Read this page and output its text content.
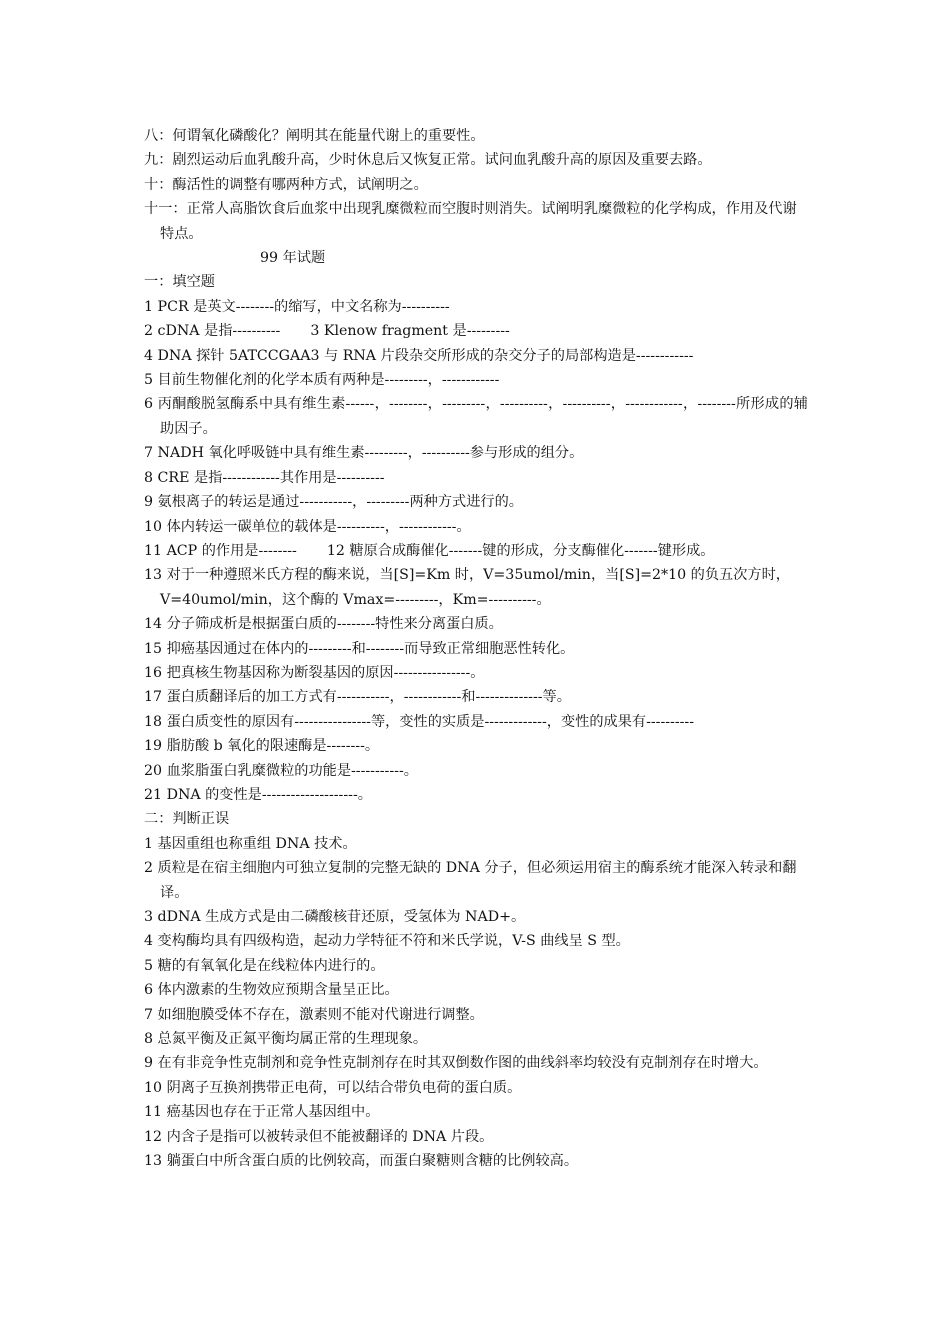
八：何谓氧化磷酸化？阐明其在能量代谢上的重要性。
九：剧烈运动后血乳酸升高，少时休息后又恢复正常。试问血乳酸升高的原因及重要去路。
十：酶活性的调整有哪两种方式，试阐明之。
十一：正常人高脂饮食后血浆中出现乳糜微粒而空腹时则消失。试阐明乳糜微粒的化学构成，作用及代谢特点。
99 年试题
一：填空题
1 PCR 是英文--------的缩写，中文名称为----------
2 cDNA 是指---------- 3 Klenow fragment 是---------
4 DNA 探针 5ATCCGAA3 与 RNA 片段杂交所形成的杂交分子的局部构造是------------
5 目前生物催化剂的化学本质有两种是---------，------------
6 丙酮酸脱氢酶系中具有维生素------，--------，---------，----------，----------，------------，--------所形成的辅助因子。
7 NADH 氧化呼吸链中具有维生素---------，----------参与形成的组分。
8 CRE 是指------------其作用是----------
9 氨根离子的转运是通过-----------，---------两种方式进行的。
10 体内转运一碳单位的载体是----------，------------。
11 ACP 的作用是-------- 12 糖原合成酶催化-------键的形成，分支酶催化-------键形成。
13 对于一种遵照米氏方程的酶来说，当[S]=Km 时，V=35umol/min，当[S]=2*10 的负五次方时，V=40umol/min，这个酶的 Vmax=---------，Km=----------。
14 分子筛成析是根据蛋白质的--------特性来分离蛋白质。
15 抑癌基因通过在体内的---------和--------而导致正常细胞恶性转化。
16 把真核生物基因称为断裂基因的原因----------------。
17 蛋白质翻译后的加工方式有-----------，------------和--------------等。
18 蛋白质变性的原因有----------------等，变性的实质是-------------，变性的成果有----------
19 脂肪酸 b 氧化的限速酶是--------。
20 血浆脂蛋白乳糜微粒的功能是-----------。
21 DNA 的变性是--------------------。
二：判断正误
1 基因重组也称重组 DNA 技术。
2 质粒是在宿主细胞内可独立复制的完整无缺的 DNA 分子，但必须运用宿主的酶系统才能深入转录和翻译。
3 dDNA 生成方式是由二磷酸核苷还原，受氢体为 NAD+。
4 变构酶均具有四级构造，起动力学特征不符和米氏学说，V-S 曲线呈 S 型。
5 糖的有氧氧化是在线粒体内进行的。
6 体内激素的生物效应预期含量呈正比。
7 如细胞膜受体不存在，激素则不能对代谢进行调整。
8 总氮平衡及正氮平衡均属正常的生理现象。
9 在有非竞争性克制剂和竞争性克制剂存在时其双倒数作图的曲线斜率均较没有克制剂存在时增大。
10 阴离子互换剂携带正电荷，可以结合带负电荷的蛋白质。
11 癌基因也存在于正常人基因组中。
12 内含子是指可以被转录但不能被翻译的 DNA 片段。
13 躺蛋白中所含蛋白质的比例较高，而蛋白聚糖则含糖的比例较高。
